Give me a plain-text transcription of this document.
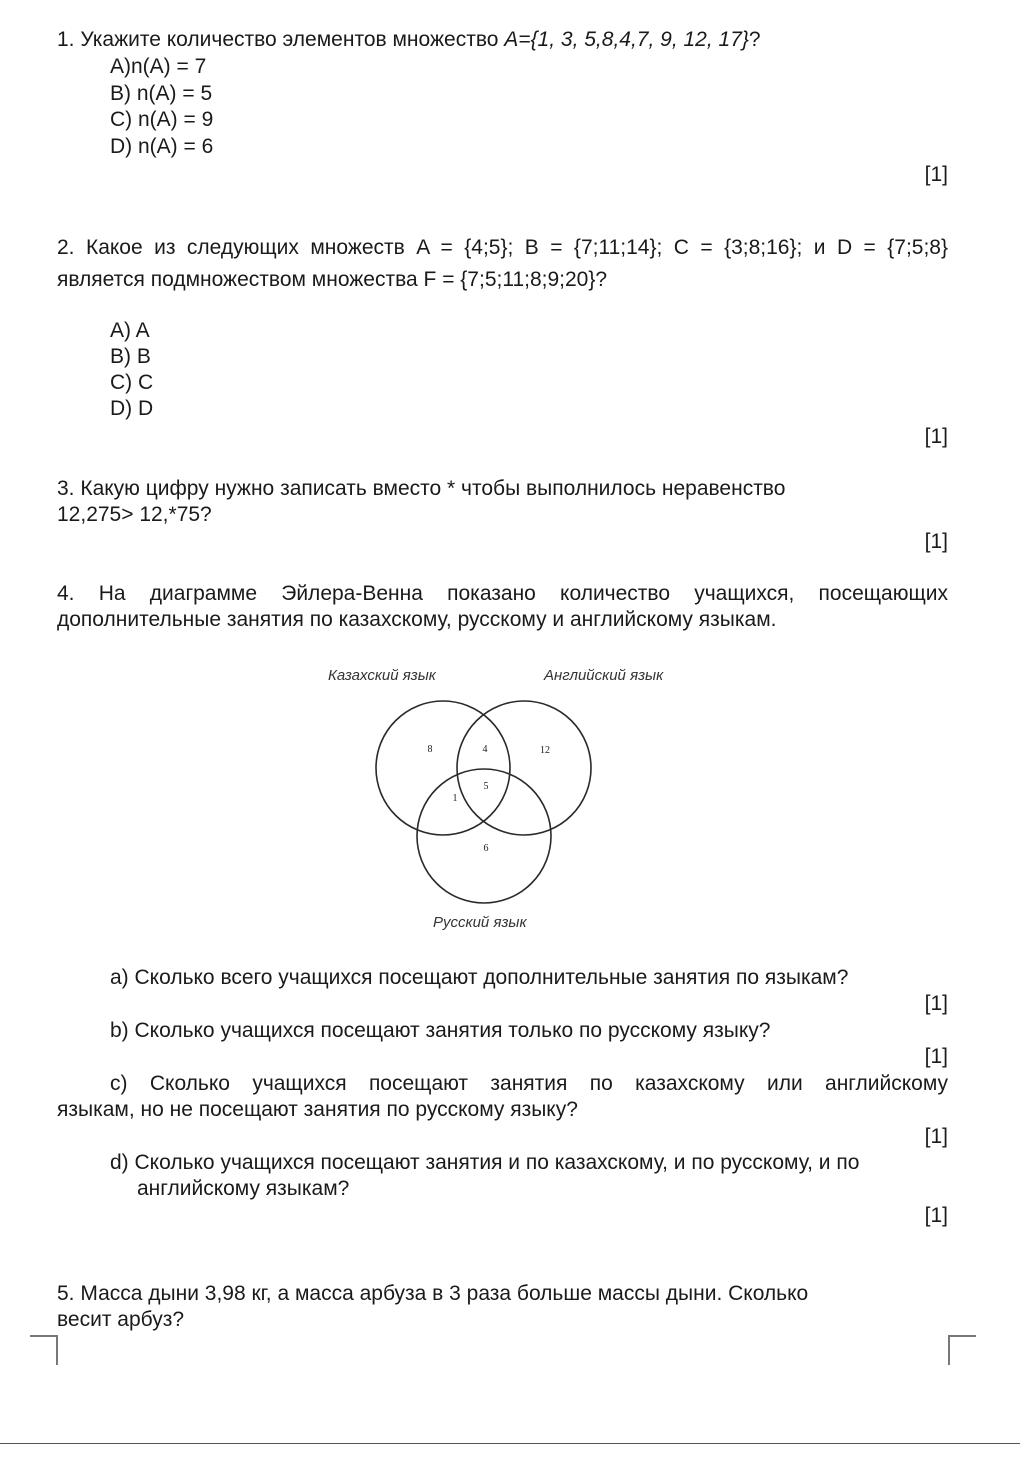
1. Укажите количество элементов множество A={1, 3, 5,8,4,7, 9, 12, 17}?
A)n(A) = 7
B) n(A) = 5
C) n(A) = 9
D) n(A) = 6
[1]
2. Какое из следующих множеств A = {4;5}; B = {7;11;14}; C = {3;8;16}; и D = {7;5;8}
является подмножеством множества F = {7;5;11;8;9;20}?
A) A
B) B
C) C
D) D
[1]
3. Какую цифру нужно записать вместо * чтобы выполнилось неравенство
12,275> 12,*75?
[1]
4. На диаграмме Эйлера-Венна показано количество учащихся, посещающих
дополнительные занятия по казахскому, русскому и английскому языкам.
Казахский язык	Английский язык
8	4	12
1
5
6
Русский язык
a) Сколько всего учащихся посещают дополнительные занятия по языкам?
[1]
b) Сколько учащихся посещают занятия только по русскому языку?
[1]
c) Сколько учащихся посещают занятия по казахскому или английскому
языкам, но не посещают занятия по русскому языку?
[1]
d) Сколько учащихся посещают занятия и по казахскому, и по русскому, и по
английскому языкам?
[1]
5. Масса дыни 3,98 кг, а масса арбуза в 3 раза больше массы дыни. Сколько
весит арбуз?
